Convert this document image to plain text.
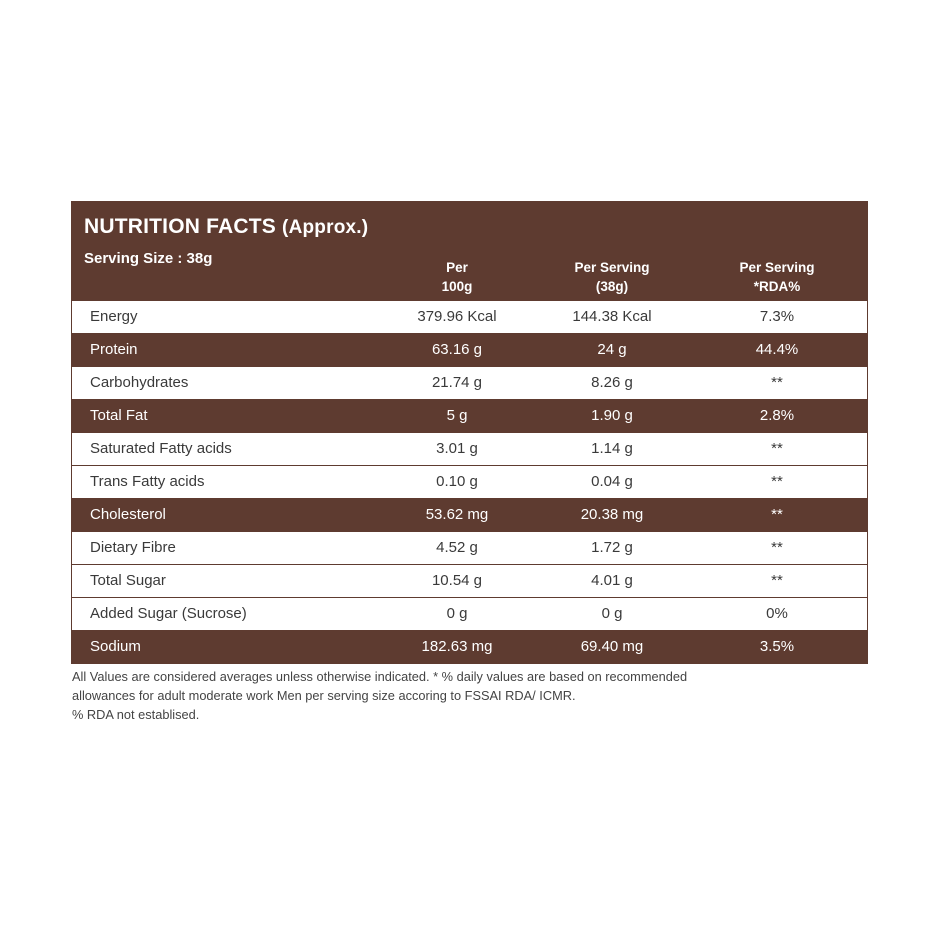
NUTRITION FACTS (Approx.)
Serving Size : 38g
Per
100g
Per Serving
(38g)
Per Serving
*RDA%
Energy	379.96 Kcal	144.38 Kcal	7.3%
Protein	63.16 g	24 g	44.4%
Carbohydrates	21.74 g	8.26 g	**
Total Fat	5 g	1.90 g	2.8%
Saturated Fatty acids	3.01 g	1.14 g	**
Trans Fatty acids	0.10 g	0.04 g	**
Cholesterol	53.62 mg	20.38 mg	**
Dietary Fibre	4.52 g	1.72 g	**
Total Sugar	10.54 g	4.01 g	**
Added Sugar (Sucrose)	0 g	0 g	0%
Sodium	182.63 mg	69.40 mg	3.5%
All Values are considered averages unless otherwise indicated. * % daily values are based on recommended
allowances for adult moderate work Men per serving size accoring to FSSAI RDA/ ICMR.
% RDA not establised.
